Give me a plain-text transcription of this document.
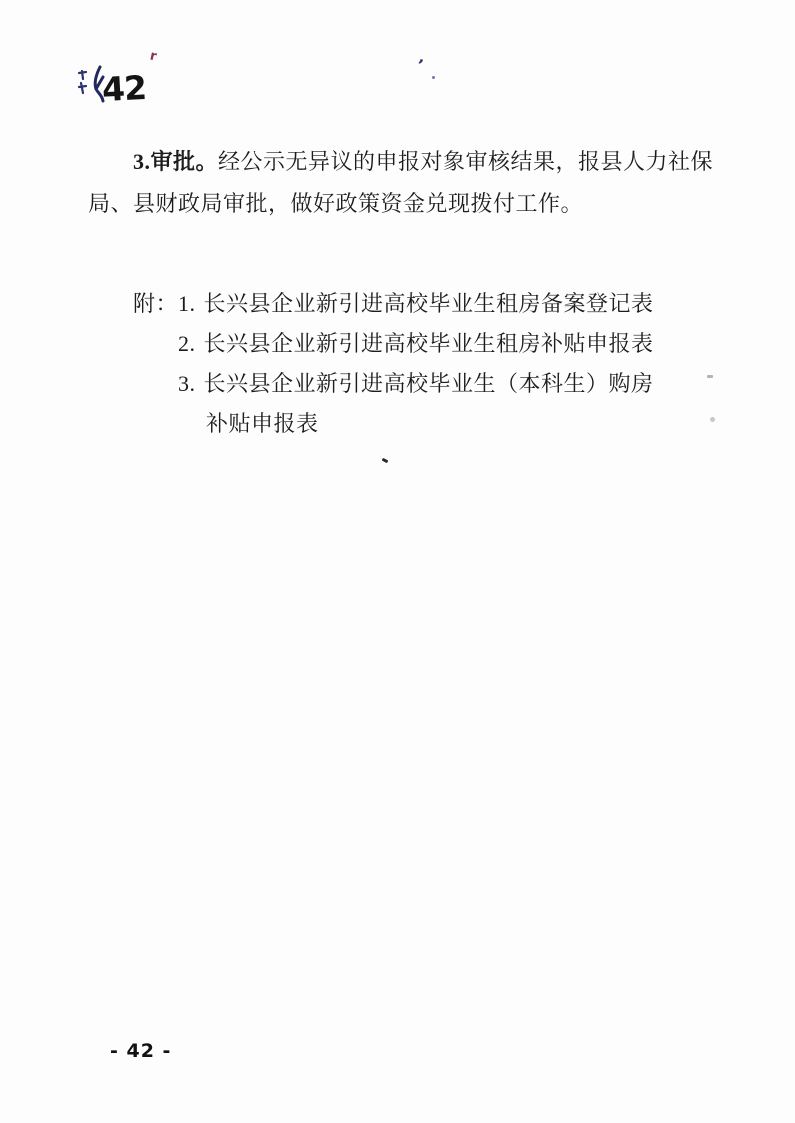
42
r	ʼ
3.审批。经公示无异议的申报对象审核结果，报县人力社保
局、县财政局审批，做好政策资金兑现拨付工作。
附：1. 长兴县企业新引进高校毕业生租房备案登记表
2. 长兴县企业新引进高校毕业生租房补贴申报表
3. 长兴县企业新引进高校毕业生（本科生）购房
补贴申报表
- 42 -
